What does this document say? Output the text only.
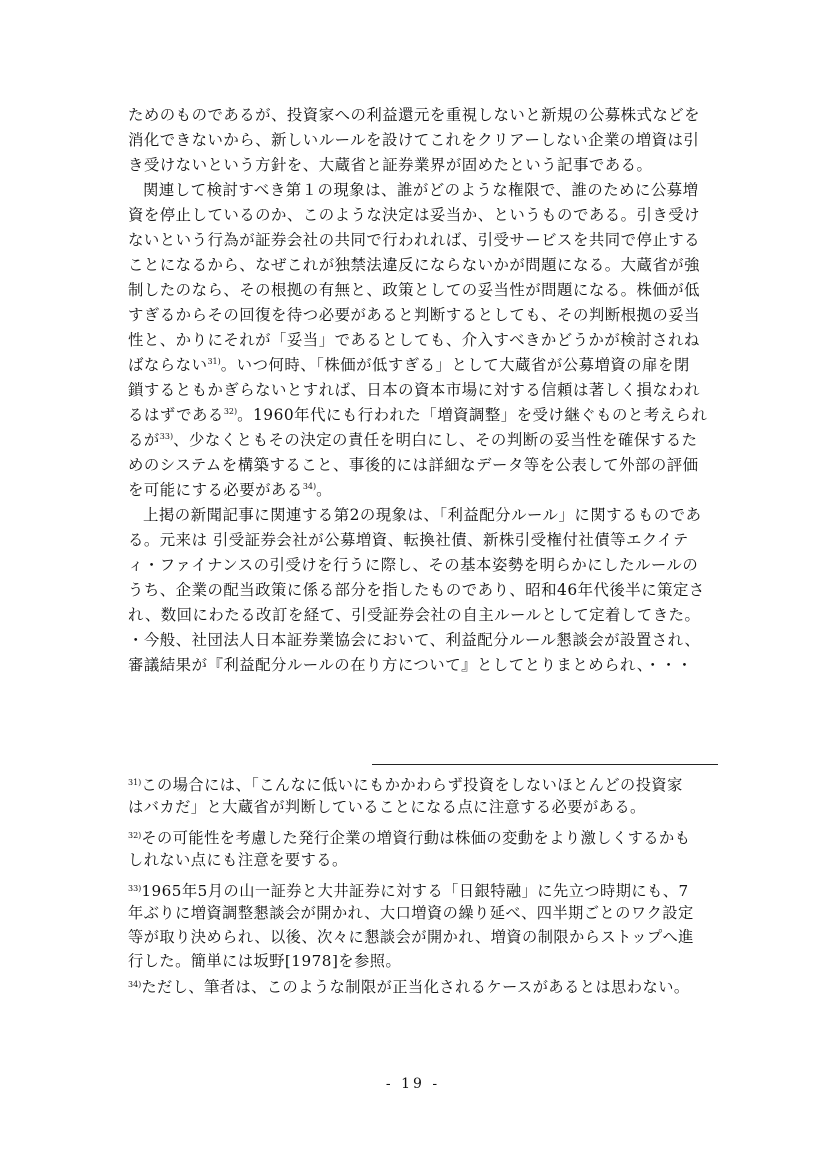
ためのものであるが、投資家への利益還元を重視しないと新規の公募株式などを
消化できないから、新しいルールを設けてこれをクリアーしない企業の増資は引
き受けないという方針を、大蔵省と証券業界が固めたという記事である。
関連して検討すべき第１の現象は、誰がどのような権限で、誰のために公募増
資を停止しているのか、このような決定は妥当か、というものである。引き受け
ないという行為が証券会社の共同で行われれば、引受サービスを共同で停止する
ことになるから、なぜこれが独禁法違反にならないかが問題になる。大蔵省が強
制したのなら、その根拠の有無と、政策としての妥当性が問題になる。株価が低
すぎるからその回復を待つ必要があると判断するとしても、その判断根拠の妥当
性と、かりにそれが「妥当」であるとしても、介入すべきかどうかが検討されね
ばならない$^{31)}$。いつ何時、「株価が低すぎる」として大蔵省が公募増資の扉を閉
鎖するともかぎらないとすれば、日本の資本市場に対する信頼は著しく損なわれ
るはずである$^{32)}$。1960年代にも行われた「増資調整」を受け継ぐものと考えられ
るが$^{33)}$、少なくともその決定の責任を明白にし、その判断の妥当性を確保するた
めのシステムを構築すること、事後的には詳細なデータ等を公表して外部の評価
を可能にする必要がある$^{34)}$。
上掲の新聞記事に関連する第2の現象は、「利益配分ルール」に関するものであ
る。元来は 引受証券会社が公募増資、転換社債、新株引受権付社債等エクイテ
ィ・ファイナンスの引受けを行うに際し、その基本姿勢を明らかにしたルールの
うち、企業の配当政策に係る部分を指したものであり、昭和46年代後半に策定さ
れ、数回にわたる改訂を経て、引受証券会社の自主ルールとして定着してきた。
・今般、社団法人日本証券業協会において、利益配分ルール懇談会が設置され、
審議結果が『利益配分ルールの在り方について』としてとりまとめられ、・・・
$^{31)}$この場合には、「こんなに低いにもかかわらず投資をしないほとんどの投資家
はバカだ」と大蔵省が判断していることになる点に注意する必要がある。
$^{32)}$その可能性を考慮した発行企業の増資行動は株価の変動をより激しくするかも
しれない点にも注意を要する。
$^{33)}$1965年5月の山一証券と大井証券に対する「日銀特融」に先立つ時期にも、7
年ぶりに増資調整懇談会が開かれ、大口増資の繰り延べ、四半期ごとのワク設定
等が取り決められ、以後、次々に懇談会が開かれ、増資の制限からストップへ進
行した。簡単には坂野[1978]を参照。
$^{34)}$ただし、筆者は、このような制限が正当化されるケースがあるとは思わない。
- 19 -
